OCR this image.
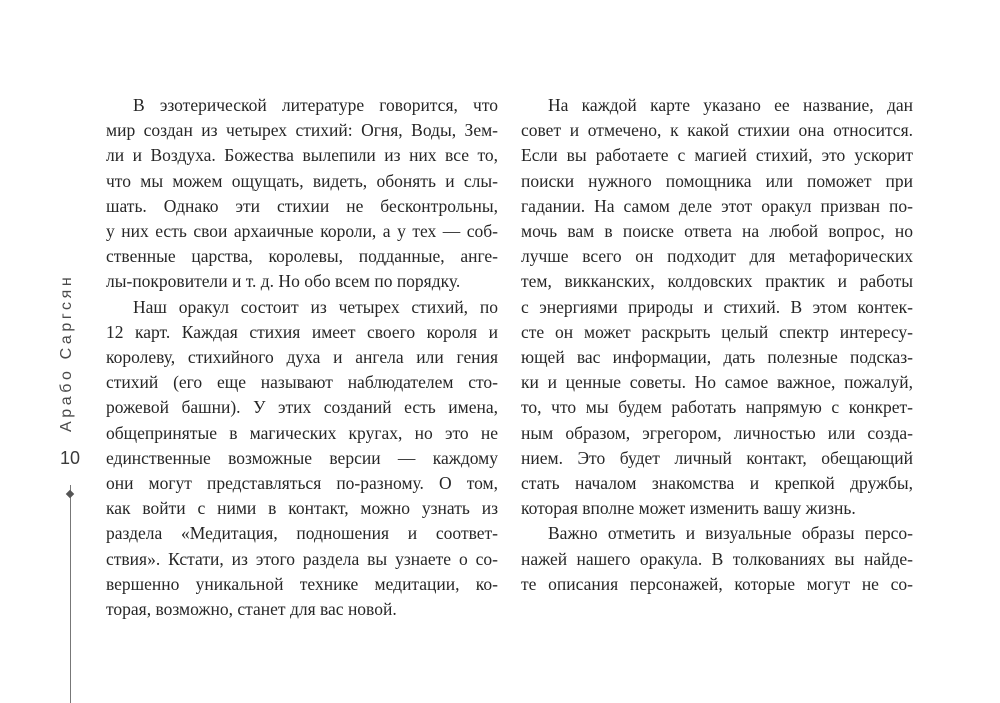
Арабо Саргсян
10
В эзотерической литературе говорится, что
мир создан из четырех стихий: Огня, Воды, Зем-
ли и Воздуха. Божества вылепили из них все то,
что мы можем ощущать, видеть, обонять и слы-
шать. Однако эти стихии не бесконтрольны,
у них есть свои архаичные короли, а у тех — соб-
ственные царства, королевы, подданные, анге-
лы-покровители и т. д. Но обо всем по порядку.
Наш оракул состоит из четырех стихий, по
12 карт. Каждая стихия имеет своего короля и
королеву, стихийного духа и ангела или гения
стихий (его еще называют наблюдателем сто-
рожевой башни). У этих созданий есть имена,
общепринятые в магических кругах, но это не
единственные возможные версии — каждому
они могут представляться по-разному. О том,
как войти с ними в контакт, можно узнать из
раздела «Медитация, подношения и соответ-
ствия». Кстати, из этого раздела вы узнаете о со-
вершенно уникальной технике медитации, ко-
торая, возможно, станет для вас новой.
На каждой карте указано ее название, дан
совет и отмечено, к какой стихии она относится.
Если вы работаете с магией стихий, это ускорит
поиски нужного помощника или поможет при
гадании. На самом деле этот оракул призван по-
мочь вам в поиске ответа на любой вопрос, но
лучше всего он подходит для метафорических
тем, викканских, колдовских практик и работы
с энергиями природы и стихий. В этом контек-
сте он может раскрыть целый спектр интересу-
ющей вас информации, дать полезные подсказ-
ки и ценные советы. Но самое важное, пожалуй,
то, что мы будем работать напрямую с конкрет-
ным образом, эгрегором, личностью или созда-
нием. Это будет личный контакт, обещающий
стать началом знакомства и крепкой дружбы,
которая вполне может изменить вашу жизнь.
Важно отметить и визуальные образы персо-
нажей нашего оракула. В толкованиях вы найде-
те описания персонажей, которые могут не со-
